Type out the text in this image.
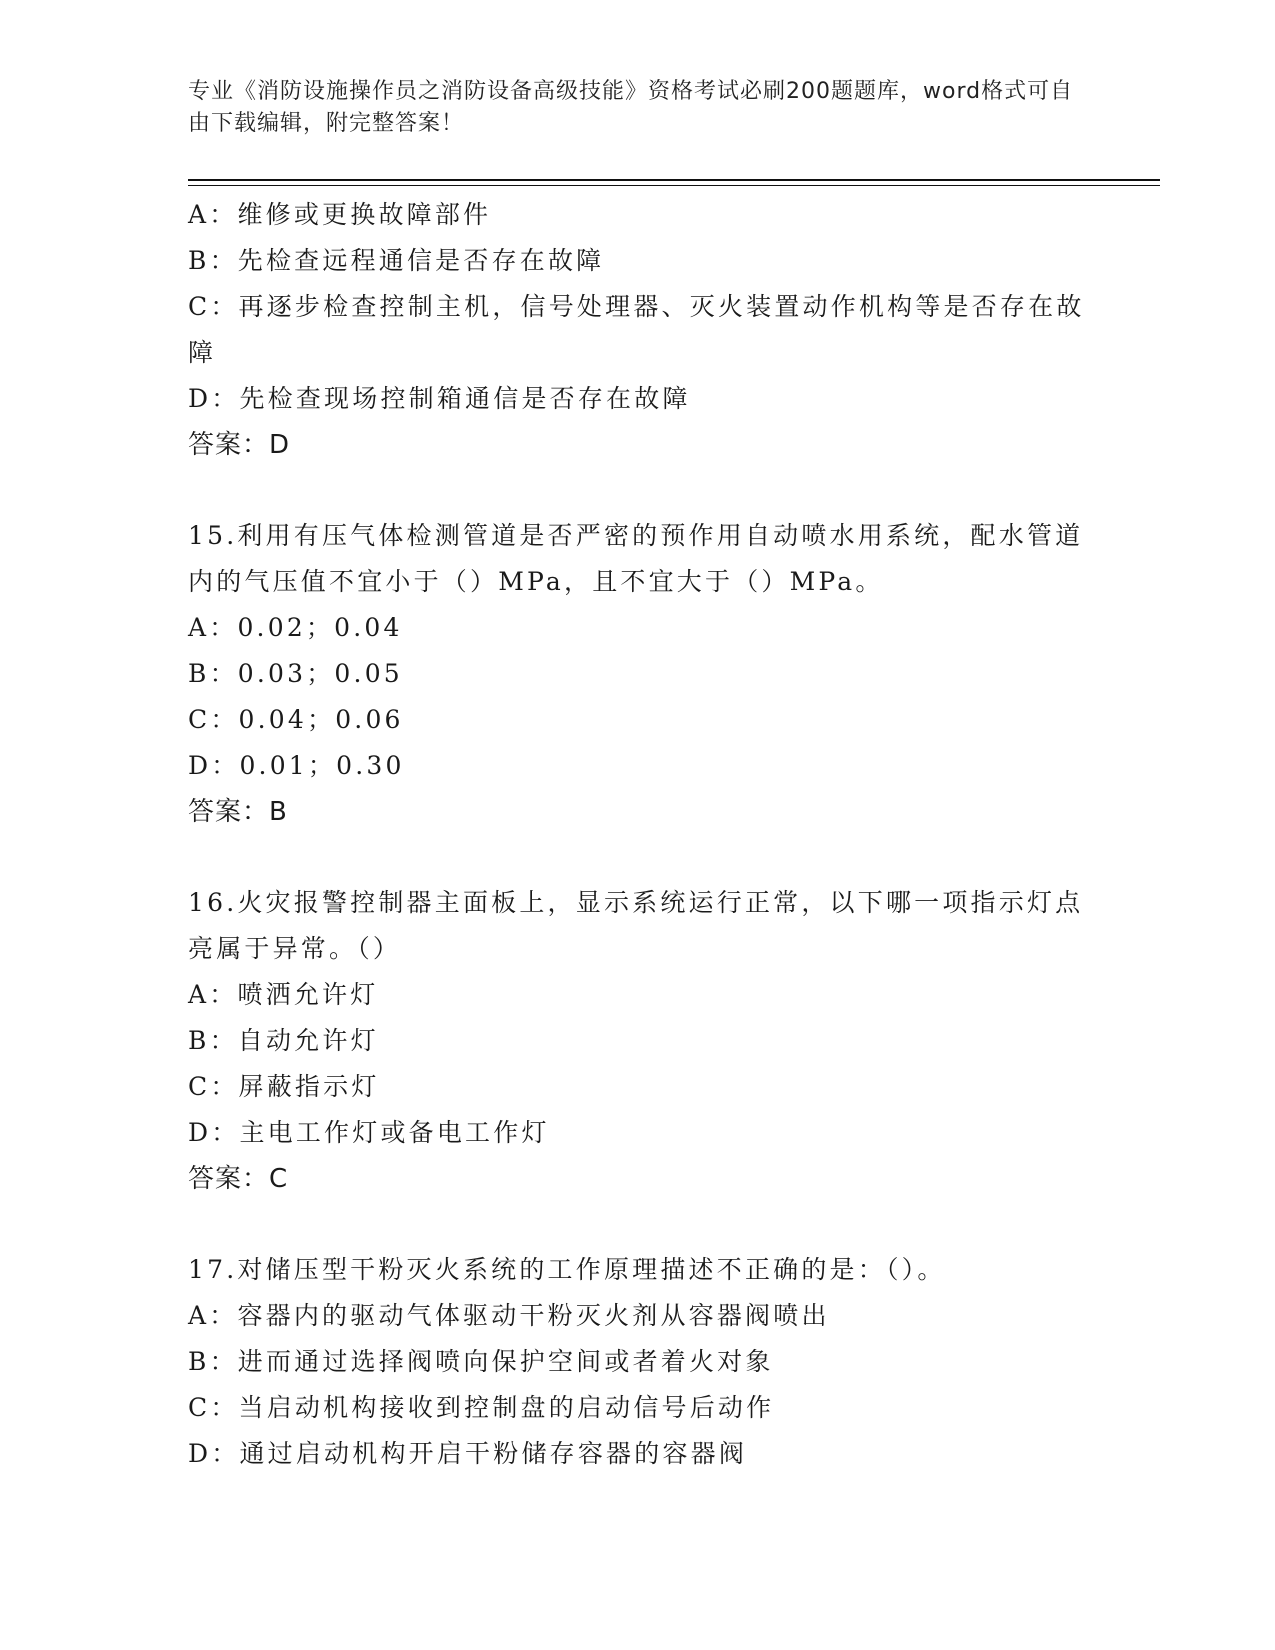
专业《消防设施操作员之消防设备高级技能》资格考试必刷200题题库，word格式可自由下载编辑，附完整答案！
A：维修或更换故障部件
B：先检查远程通信是否存在故障
C：再逐步检查控制主机，信号处理器、灭火装置动作机构等是否存在故障
D：先检查现场控制箱通信是否存在故障
答案：D
15.利用有压气体检测管道是否严密的预作用自动喷水用系统，配水管道内的气压值不宜小于（）MPa，且不宜大于（）MPa。
A：0.02；0.04
B：0.03；0.05
C：0.04；0.06
D：0.01；0.30
答案：B
16.火灾报警控制器主面板上，显示系统运行正常，以下哪一项指示灯点亮属于异常。（）
A：喷洒允许灯
B：自动允许灯
C：屏蔽指示灯
D：主电工作灯或备电工作灯
答案：C
17.对储压型干粉灭火系统的工作原理描述不正确的是：（）。
A：容器内的驱动气体驱动干粉灭火剂从容器阀喷出
B：进而通过选择阀喷向保护空间或者着火对象
C：当启动机构接收到控制盘的启动信号后动作
D：通过启动机构开启干粉储存容器的容器阀
